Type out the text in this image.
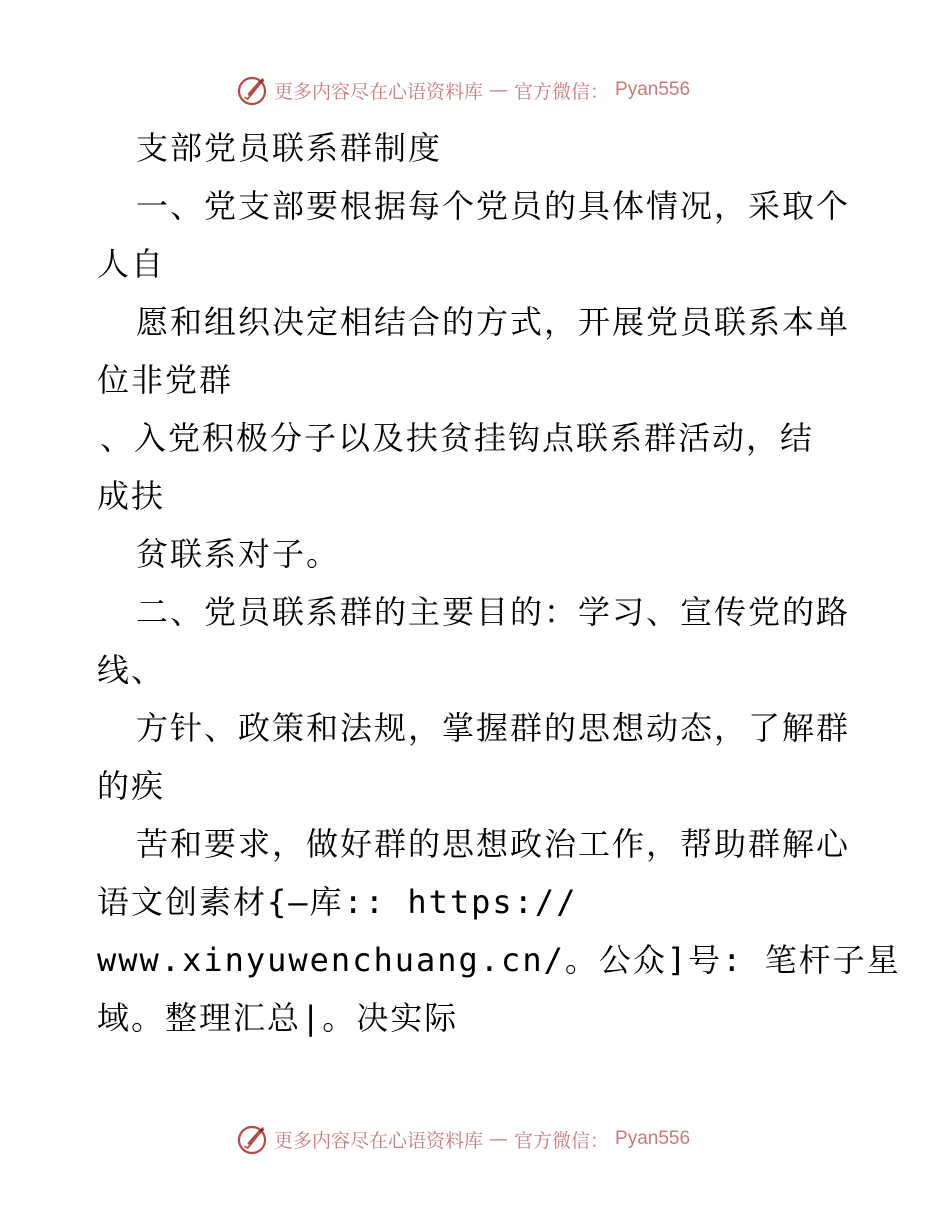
更多内容尽在心语资料库 — 官方微信： Pyan556
支部党员联系群制度
一、党支部要根据每个党员的具体情况，采取个
人自
愿和组织决定相结合的方式，开展党员联系本单
位非党群
、入党积极分子以及扶贫挂钩点联系群活动，结
成扶
贫联系对子。
二、党员联系群的主要目的：学习、宣传党的路
线、
方针、政策和法规，掌握群的思想动态，了解群
的疾
苦和要求，做好群的思想政治工作，帮助群解心
语文创素材{—库:: https://
www.xinyuwenchuang.cn/。公众]号: 笔杆子星
域。整理汇总|。决实际
更多内容尽在心语资料库 — 官方微信： Pyan556
